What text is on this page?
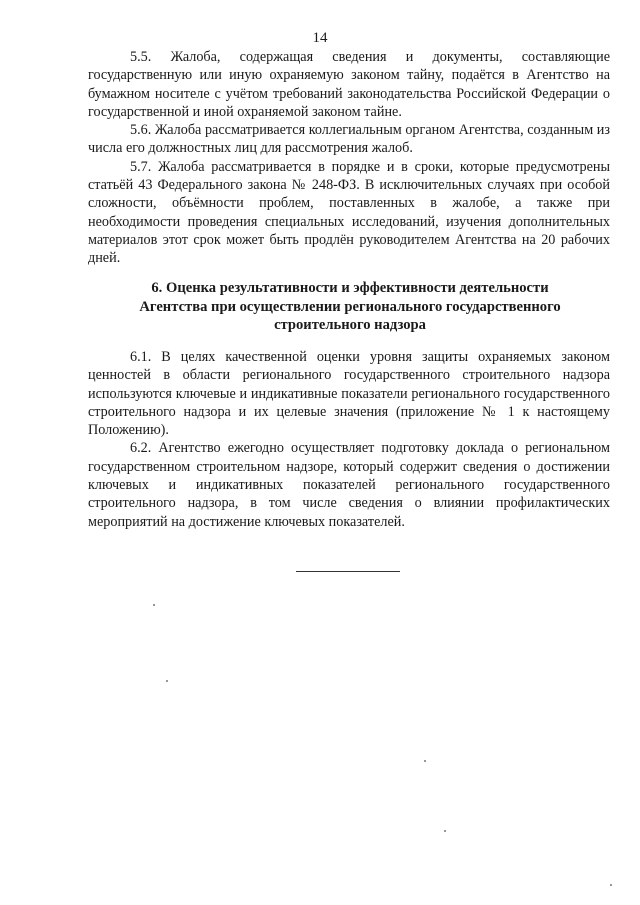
14

5.5. Жалоба, содержащая сведения и документы, составляющие государственную или иную охраняемую законом тайну, подаётся в Агентство на бумажном носителе с учётом требований законодательства Российской Федерации о государственной и иной охраняемой законом тайне.

5.6. Жалоба рассматривается коллегиальным органом Агентства, созданным из числа его должностных лиц для рассмотрения жалоб.

5.7. Жалоба рассматривается в порядке и в сроки, которые предусмотрены статьёй 43 Федерального закона № 248-ФЗ. В исключительных случаях при особой сложности, объёмности проблем, поставленных в жалобе, а также при необходимости проведения специальных исследований, изучения дополнительных материалов этот срок может быть продлён руководителем Агентства на 20 рабочих дней.

6. Оценка результативности и эффективности деятельности
Агентства при осуществлении регионального государственного
строительного надзора

6.1. В целях качественной оценки уровня защиты охраняемых законом ценностей в области регионального государственного строительного надзора используются ключевые и индикативные показатели регионального государственного строительного надзора и их целевые значения (приложение № 1 к настоящему Положению).

6.2. Агентство ежегодно осуществляет подготовку доклада о региональном государственном строительном надзоре, который содержит сведения о достижении ключевых и индикативных показателей регионального государственного строительного надзора, в том числе сведения о влиянии профилактических мероприятий на достижение ключевых показателей.
